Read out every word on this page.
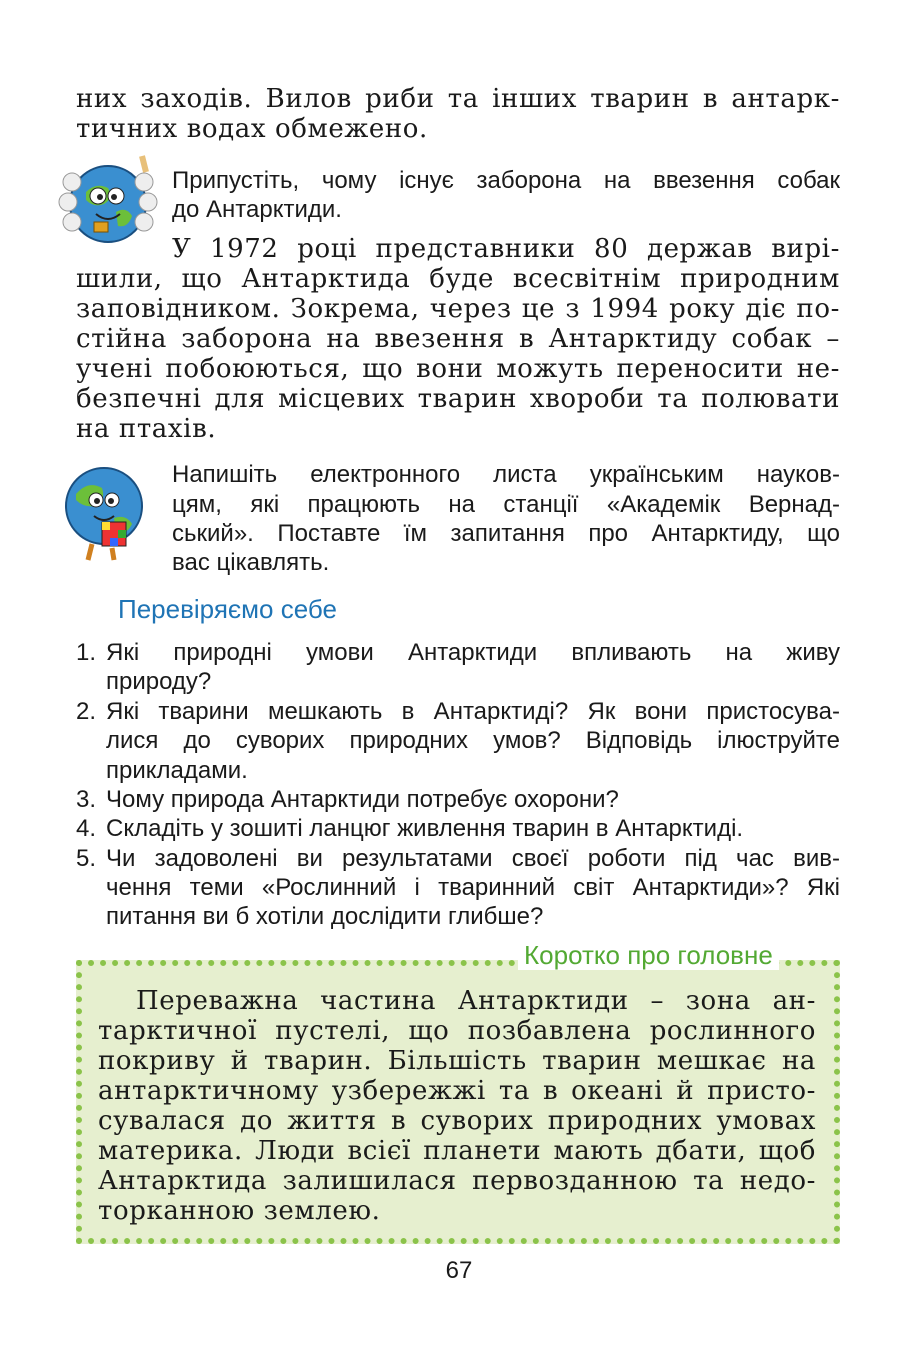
них заходів. Вилов риби та інших тварин в антарк-
тичних водах обмежено.
Припустіть, чому існує заборона на ввезення собак
до Антарктиди.
У 1972 році представники 80 держав вирі-
шили, що Антарктида буде всесвітнім природним
заповідником. Зокрема, через це з 1994 року діє по-
стійна заборона на ввезення в Антарктиду собак –
учені побоюються, що вони можуть переносити не-
безпечні для місцевих тварин хвороби та полювати
на птахів.
Напишіть електронного листа українським науков-
цям, які працюють на станції «Академік Вернад-
ський». Поставте їм запитання про Антарктиду, що
вас цікавлять.
Перевіряємо себе
1. Які природні умови Антарктиди впливають на живу
природу?
2. Які тварини мешкають в Антарктиді? Як вони пристосува-
лися до суворих природних умов? Відповідь ілюструйте
прикладами.
3. Чому природа Антарктиди потребує охорони?
4. Складіть у зошиті ланцюг живлення тварин в Антарктиді.
5. Чи задоволені ви результатами своєї роботи під час вив-
чення теми «Рослинний і тваринний світ Антарктиди»? Які
питання ви б хотіли дослідити глибше?
Коротко про головне
Переважна частина Антарктиди – зона ан-
тарктичної пустелі, що позбавлена рослинного
покриву й тварин. Більшість тварин мешкає на
антарктичному узбережжі та в океані й присто-
сувалася до життя в суворих природних умовах
материка. Люди всієї планети мають дбати, щоб
Антарктида залишилася первозданною та недо-
торканною землею.
67
